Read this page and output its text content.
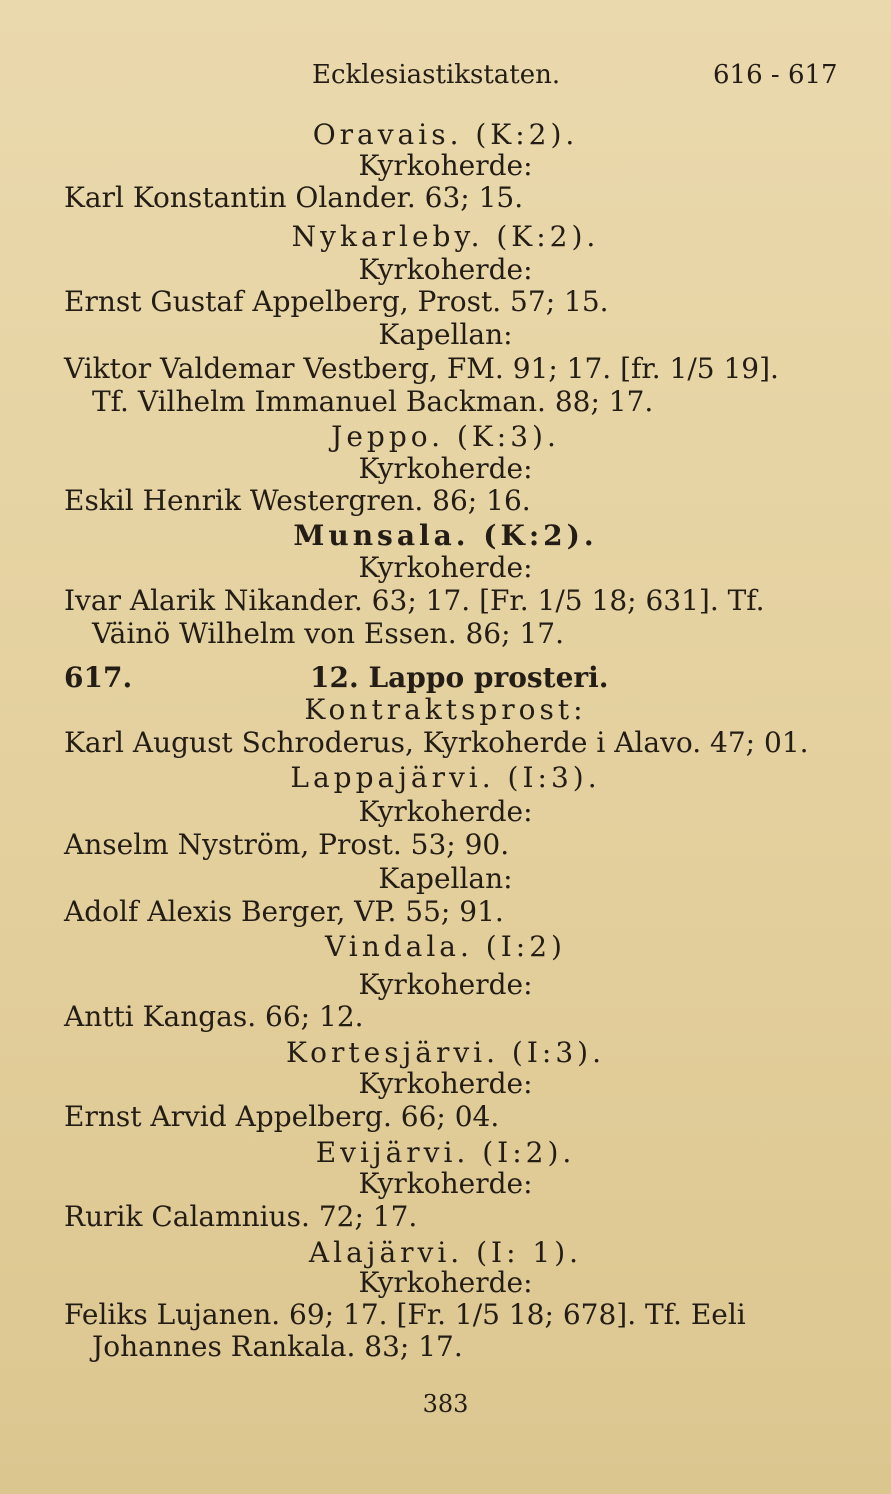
Ecklesiastikstaten.	616 - 617
Oravais. (K:2).
Kyrkoherde:
Karl Konstantin Olander. 63; 15.
Nykarleby. (K:2).
Kyrkoherde:
Ernst Gustaf Appelberg, Prost. 57; 15.
Kapellan:
Viktor Valdemar Vestberg, FM. 91; 17. [fr. 1/5 19].
Tf. Vilhelm Immanuel Backman. 88; 17.
Jeppo. (K:3).
Kyrkoherde:
Eskil Henrik Westergren. 86; 16.
Munsala. (K:2).
Kyrkoherde:
Ivar Alarik Nikander. 63; 17. [Fr. 1/5 18; 631]. Tf.
Väinö Wilhelm von Essen. 86; 17.
617.	12. Lappo prosteri.
Kontraktsprost:
Karl August Schroderus, Kyrkoherde i Alavo. 47; 01.
Lappajärvi. (I:3).
Kyrkoherde:
Anselm Nyström, Prost. 53; 90.
Kapellan:
Adolf Alexis Berger, VP. 55; 91.
Vindala. (I:2)
Kyrkoherde:
Antti Kangas. 66; 12.
Kortesjärvi. (I:3).
Kyrkoherde:
Ernst Arvid Appelberg. 66; 04.
Evijärvi. (I:2).
Kyrkoherde:
Rurik Calamnius. 72; 17.
Alajärvi. (I: 1).
Kyrkoherde:
Feliks Lujanen. 69; 17. [Fr. 1/5 18; 678]. Tf. Eeli
Johannes Rankala. 83; 17.
383
